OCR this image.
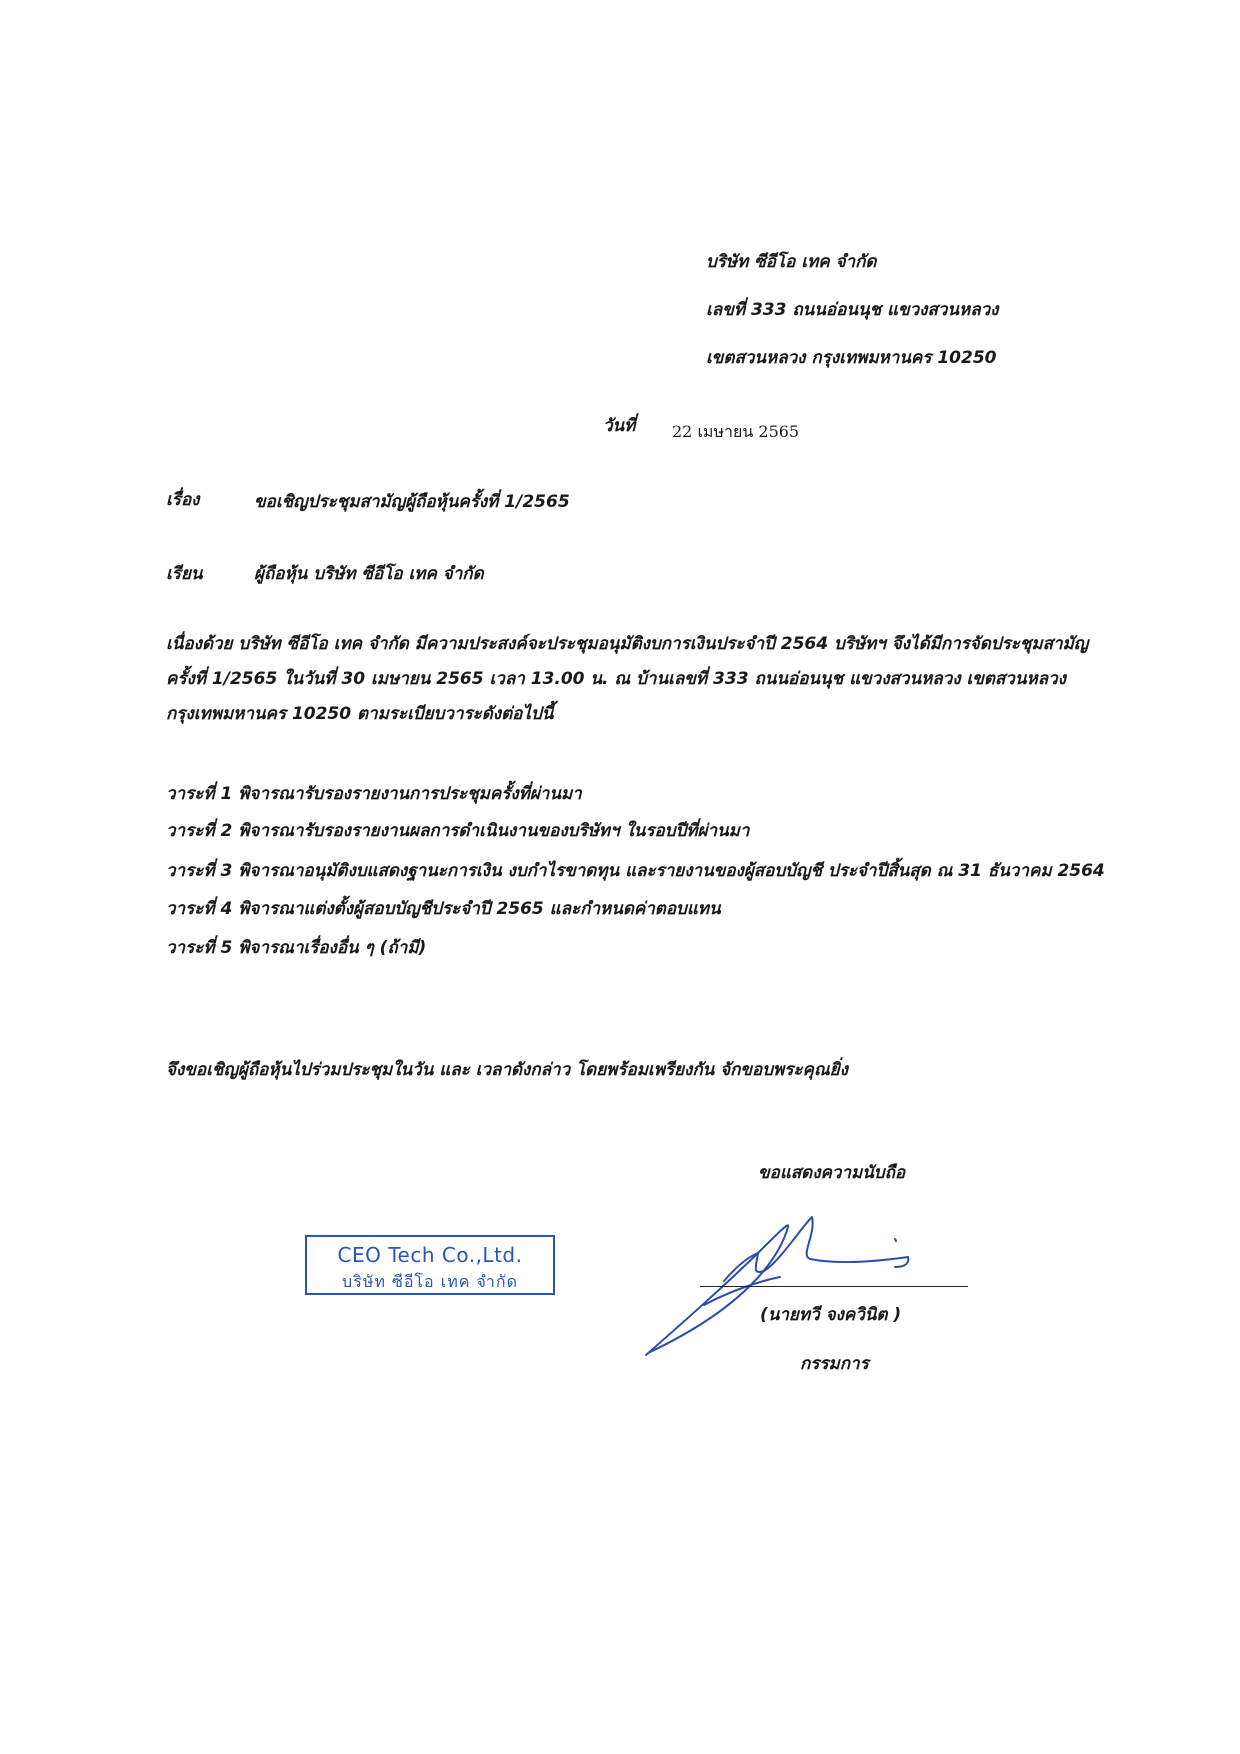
บริษัท ซีอีโอ เทค จำกัด
เลขที่ 333 ถนนอ่อนนุช แขวงสวนหลวง
เขตสวนหลวง กรุงเทพมหานคร 10250
วันที่ 22 เมษายน 2565
เรื่อง	ขอเชิญประชุมสามัญผู้ถือหุ้นครั้งที่ 1/2565
เรียน	ผู้ถือหุ้น บริษัท ซีอีโอ เทค จำกัด
เนื่องด้วย บริษัท ซีอีโอ เทค จำกัด มีความประสงค์จะประชุมอนุมัติงบการเงินประจำปี 2564 บริษัทฯ จึงได้มีการจัดประชุมสามัญ
ครั้งที่ 1/2565 ในวันที่ 30 เมษายน 2565 เวลา 13.00 น. ณ บ้านเลขที่ 333 ถนนอ่อนนุช แขวงสวนหลวง เขตสวนหลวง
กรุงเทพมหานคร 10250 ตามระเบียบวาระดังต่อไปนี้
วาระที่ 1 พิจารณารับรองรายงานการประชุมครั้งที่ผ่านมา
วาระที่ 2 พิจารณารับรองรายงานผลการดำเนินงานของบริษัทฯ ในรอบปีที่ผ่านมา
วาระที่ 3 พิจารณาอนุมัติงบแสดงฐานะการเงิน งบกำไรขาดทุน และรายงานของผู้สอบบัญชี ประจำปีสิ้นสุด ณ 31 ธันวาคม 2564
วาระที่ 4 พิจารณาแต่งตั้งผู้สอบบัญชีประจำปี 2565 และกำหนดค่าตอบแทน
วาระที่ 5 พิจารณาเรื่องอื่น ๆ (ถ้ามี)
จึงขอเชิญผู้ถือหุ้นไปร่วมประชุมในวัน และ เวลาดังกล่าว โดยพร้อมเพรียงกัน จักขอบพระคุณยิ่ง
ขอแสดงความนับถือ
(นายทวี จงควินิต )
กรรมการ
CEO Tech Co.,Ltd.
บริษัท ซีอีโอ เทค จำกัด
